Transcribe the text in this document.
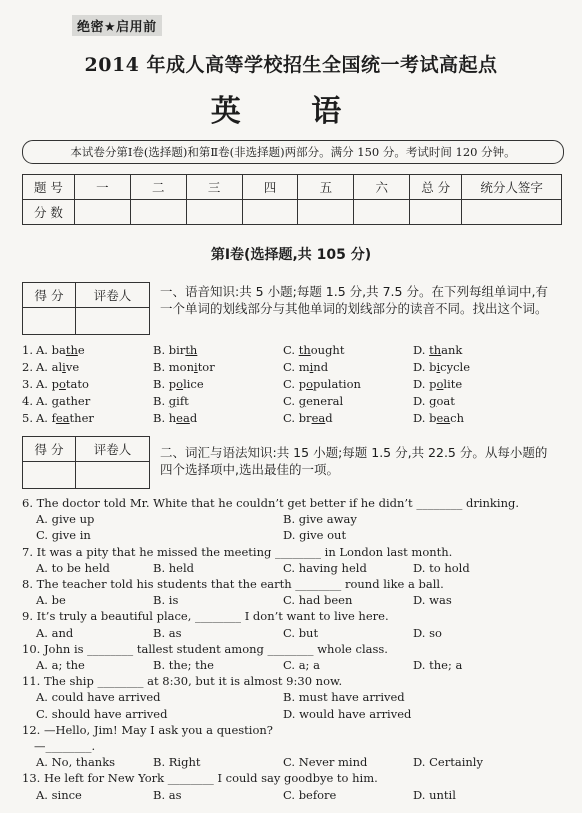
绝密★启用前
2014 年成人高等学校招生全国统一考试高起点
英 语
本试卷分第Ⅰ卷(选择题)和第Ⅱ卷(非选择题)两部分。满分 150 分。考试时间 120 分钟。
题 号	一	二	三	四	五	六	总 分	统分人签字
分 数								
第Ⅰ卷(选择题,共 105 分)
得 分	评卷人
	一、语音知识:共 5 小题;每题 1.5 分,共 7.5 分。在下列每组单词中,有一个单词的划线部分与其他单词的划线部分的读音不同。找出这个词。
1. A. bathe	B. birth	C. thought	D. thank
2. A. alive	B. monitor	C. mind	D. bicycle
3. A. potato	B. police	C. population	D. polite
4. A. gather	B. gift	C. general	D. goat
5. A. feather	B. head	C. bread	D. beach
得 分	评卷人
	二、词汇与语法知识:共 15 小题;每题 1.5 分,共 22.5 分。从每小题的四个选择项中,选出最佳的一项。
6. The doctor told Mr. White that he couldn’t get better if he didn’t ________ drinking.
A. give up	B. give away
C. give in	D. give out
7. It was a pity that he missed the meeting ________ in London last month.
A. to be held	B. held	C. having held	D. to hold
8. The teacher told his students that the earth ________ round like a ball.
A. be	B. is	C. had been	D. was
9. It’s truly a beautiful place, ________ I don’t want to live here.
A. and	B. as	C. but	D. so
10. John is ________ tallest student among ________ whole class.
A. a; the	B. the; the	C. a; a	D. the; a
11. The ship ________ at 8:30, but it is almost 9:30 now.
A. could have arrived	B. must have arrived
C. should have arrived	D. would have arrived
12. —Hello, Jim! May I ask you a question?
—________.
A. No, thanks	B. Right	C. Never mind	D. Certainly
13. He left for New York ________ I could say goodbye to him.
A. since	B. as	C. before	D. until
